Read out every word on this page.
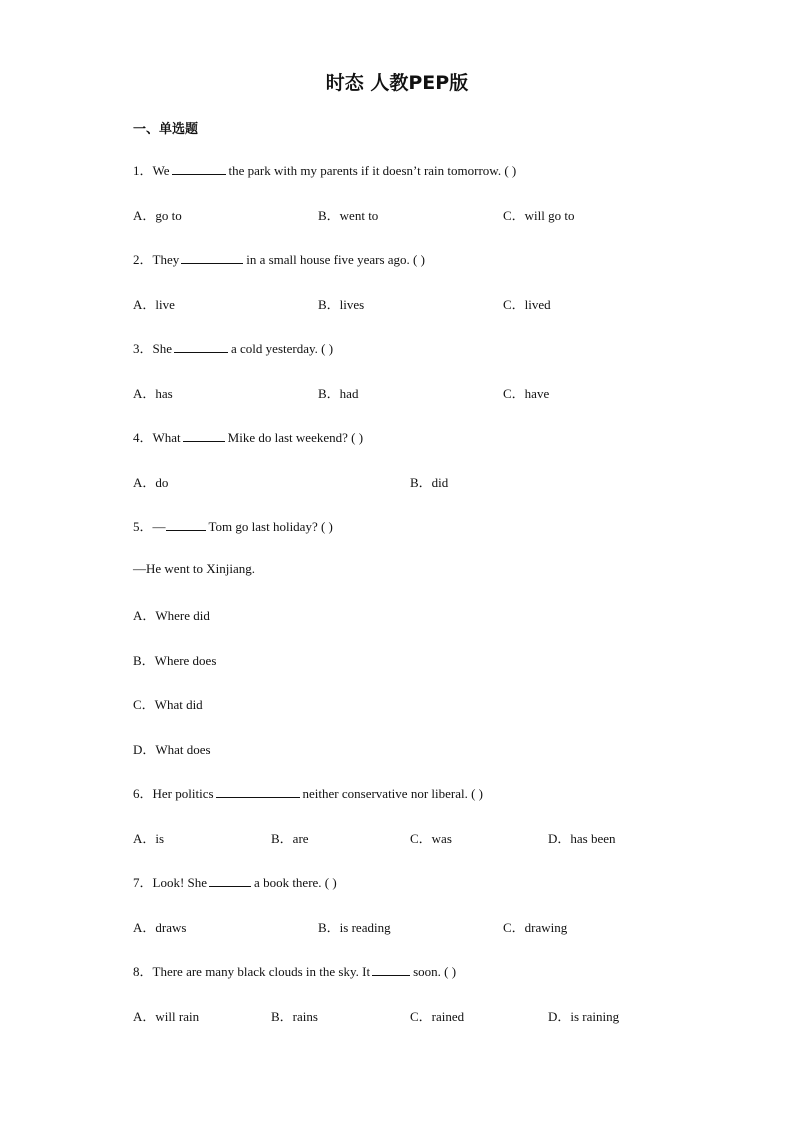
时态 人教PEP版
一、单选题
1．We	the park with my parents if it doesn’t rain tomorrow. ( )
A．go to	B．went to	C．will go to
2．They	in a small house five years ago. ( )
A．live	B．lives	C．lived
3．She	a cold yesterday. ( )
A．has	B．had	C．have
4．What	Mike do last weekend? ( )
A．do	B．did
5．—	Tom go last holiday? ( )
—He went to Xinjiang.
A．Where did
B．Where does
C．What did
D．What does
6．Her politics	neither conservative nor liberal. ( )
A．is	B．are	C．was	D．has been
7．Look! She	a book there. ( )
A．draws	B．is reading	C．drawing
8．There are many black clouds in the sky. It	soon. ( )
A．will rain	B．rains	C．rained	D．is raining
